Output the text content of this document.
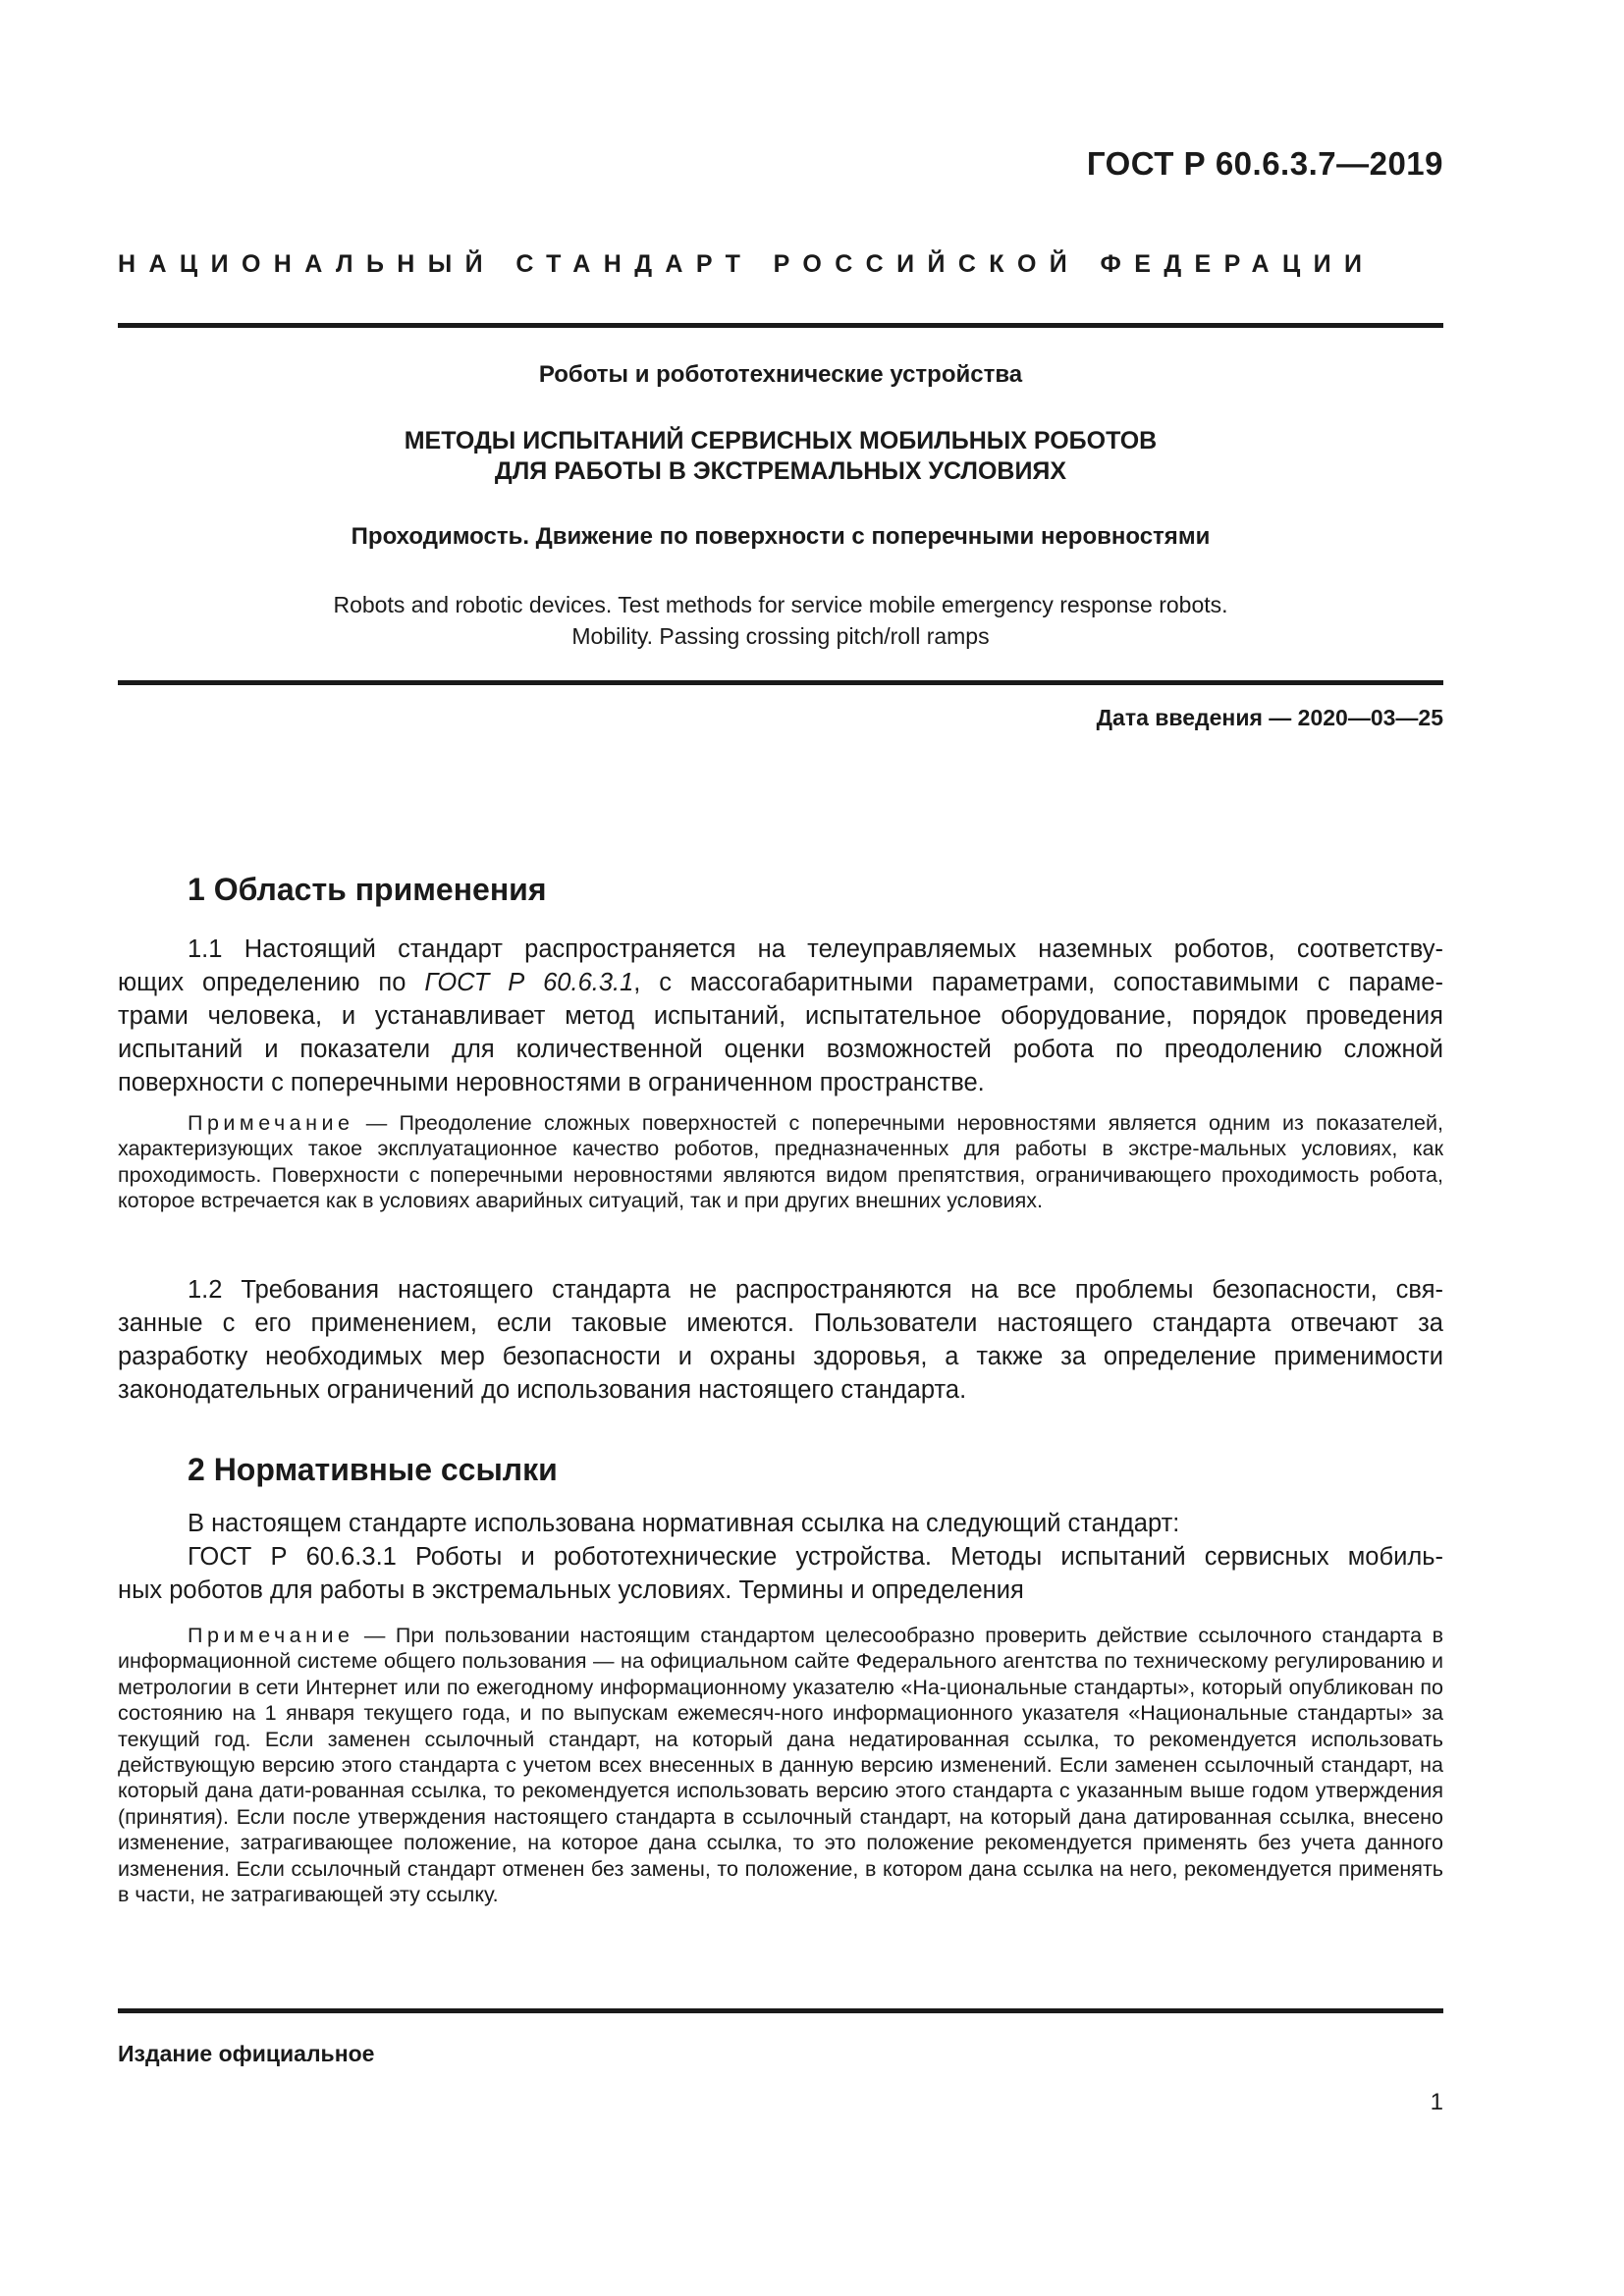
ГОСТ Р 60.6.3.7—2019
НАЦИОНАЛЬНЫЙ СТАНДАРТ РОССИЙСКОЙ ФЕДЕРАЦИИ
Роботы и робототехнические устройства
МЕТОДЫ ИСПЫТАНИЙ СЕРВИСНЫХ МОБИЛЬНЫХ РОБОТОВ
ДЛЯ РАБОТЫ В ЭКСТРЕМАЛЬНЫХ УСЛОВИЯХ
Проходимость. Движение по поверхности с поперечными неровностями
Robots and robotic devices. Test methods for service mobile emergency response robots.
Mobility. Passing crossing pitch/roll ramps
Дата введения — 2020—03—25
1 Область применения
1.1 Настоящий стандарт распространяется на телеуправляемых наземных роботов, соответству-
ющих определению по ГОСТ Р 60.6.3.1, с массогабаритными параметрами, сопоставимыми с параме-
трами человека, и устанавливает метод испытаний, испытательное оборудование, порядок проведения
испытаний и показатели для количественной оценки возможностей робота по преодолению сложной
поверхности с поперечными неровностями в ограниченном пространстве.
Примечание — Преодоление сложных поверхностей с поперечными неровностями является одним из показателей, характеризующих такое эксплуатационное качество роботов, предназначенных для работы в экстре-мальных условиях, как проходимость. Поверхности с поперечными неровностями являются видом препятствия, ограничивающего проходимость робота, которое встречается как в условиях аварийных ситуаций, так и при других внешних условиях.
1.2 Требования настоящего стандарта не распространяются на все проблемы безопасности, свя-
занные с его применением, если таковые имеются. Пользователи настоящего стандарта отвечают за
разработку необходимых мер безопасности и охраны здоровья, а также за определение применимости
законодательных ограничений до использования настоящего стандарта.
2 Нормативные ссылки
В настоящем стандарте использована нормативная ссылка на следующий стандарт:
ГОСТ Р 60.6.3.1 Роботы и робототехнические устройства. Методы испытаний сервисных мобиль-
ных роботов для работы в экстремальных условиях. Термины и определения
Примечание — При пользовании настоящим стандартом целесообразно проверить действие ссылочного стандарта в информационной системе общего пользования — на официальном сайте Федерального агентства по техническому регулированию и метрологии в сети Интернет или по ежегодному информационному указателю «На-циональные стандарты», который опубликован по состоянию на 1 января текущего года, и по выпускам ежемесяч-ного информационного указателя «Национальные стандарты» за текущий год. Если заменен ссылочный стандарт, на который дана недатированная ссылка, то рекомендуется использовать действующую версию этого стандарта с учетом всех внесенных в данную версию изменений. Если заменен ссылочный стандарт, на который дана дати-рованная ссылка, то рекомендуется использовать версию этого стандарта с указанным выше годом утверждения (принятия). Если после утверждения настоящего стандарта в ссылочный стандарт, на который дана датированная ссылка, внесено изменение, затрагивающее положение, на которое дана ссылка, то это положение рекомендуется применять без учета данного изменения. Если ссылочный стандарт отменен без замены, то положение, в котором дана ссылка на него, рекомендуется применять в части, не затрагивающей эту ссылку.
Издание официальное
1
